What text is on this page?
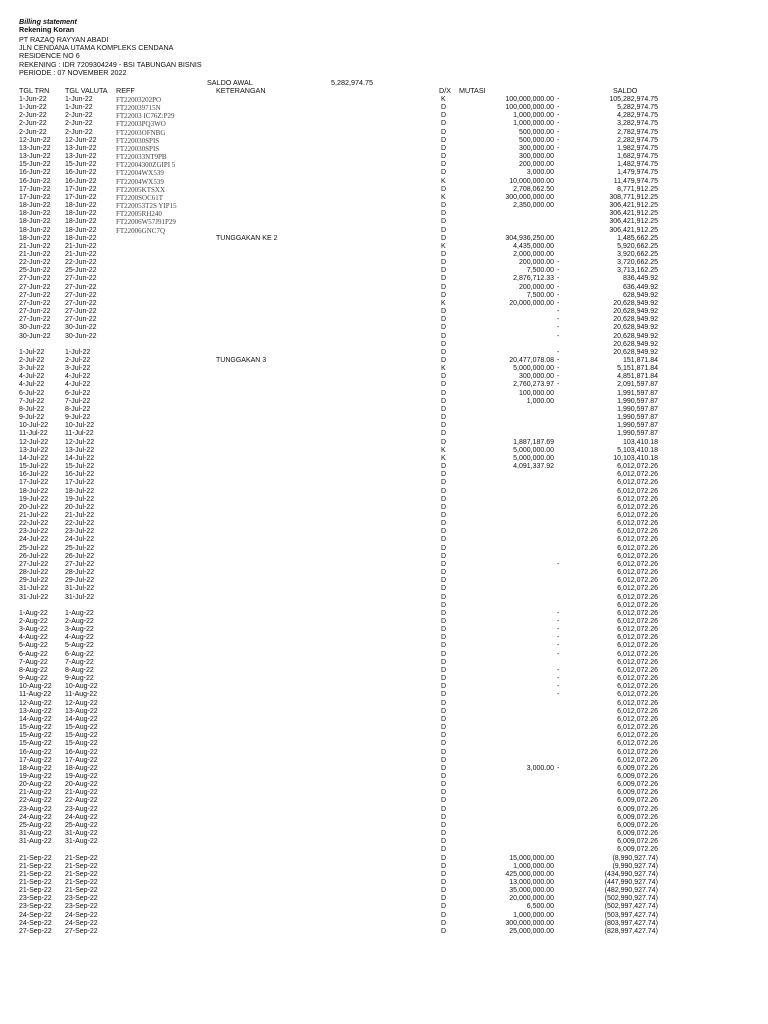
Billing statement
Rekening Koran
PT RAZAQ RAYYAN ABADI
JLN CENDANA UTAMA KOMPLEKS CENDANA
RESIDENCE NO 6
REKENING : IDR 7209304249 - BSI TABUNGAN BISNIS
PERIODE : 07 NOVEMBER 2022
SALDO AWAL	5,282,974.75
TGL TRN TGL VALUTA REFF	KETERANGAN	D/X MUTASI	SALDO
1-Jun-22	1-Jun-22	FT22003202PO	K	100,000,000.00 -	105,282,974.75
1-Jun-22	1-Jun-22	FT220039715N	D	100,000,000.00 -	5,282,974.75
2-Jun-22	2-Jun-22	FT22003 IC76Z:P29	D	1,000,000.00 -	4,282,974.75
2-Jun-22	2-Jun-22	FT22003PQ3WO	D	1,000,000.00 -	3,282,974.75
2-Jun-22	2-Jun-22	FT22003OFNBG	D	500,000.00 -	2,782,974.75
12-Jun-22 12-Jun-22	FT220030SPIS	D	500,000.00 -	2,282,974.75
13-Jun-22 13-Jun-22	FT220030SPIS	D	300,000.00 -	1,982,974.75
13-Jun-22 13-Jun-22	FT220033NT9PB	D	300,000.00	1,682,974.75
15-Jun-22 15-Jun-22	FT22004300ZGIPI 5	D	200,000.00	1,482,974.75
16-Jun-22 16-Jun-22	FT22004WX539	D	3,000.00	1,479,974.75
16-Jun-22 16-Jun-22	FT22004WX539	K	10,000,000.00	11,479,974.75
17-Jun-22 17-Jun-22	FT22005KTSXX	D	2,708,062.50	8,771,912.25
17-Jun-22 17-Jun-22	FT2200SOC61T	K	300,000,000.00	308,771,912.25
18-Jun-22 18-Jun-22	FT220053T2S YIP15	D	2,350,000.00	306,421,912.25
18-Jun-22 18-Jun-22	FT22005RH240	D	306,421,912.25
18-Jun-22 18-Jun-22	FT22006W57J91P29	D	306,421,912.25
18-Jun-22 18-Jun-22	FT22006GNC7Q	D	306,421,912.25
18-Jun-22 18-Jun-22	TUNGGAKAN KE 2	D	304,936,250.00	1,485,662.25
21-Jun-22 21-Jun-22	K	4,435,000.00	5,920,662.25
21-Jun-22 21-Jun-22	D	2,000,000.00	3,920,662.25
22-Jun-22 22-Jun-22	D	200,000.00 -	3,720,662.25
25-Jun-22 25-Jun-22	D	7,500.00 -	3,713,162.25
27-Jun-22 27-Jun-22	D	2,876,712.33 -	836,449.92
27-Jun-22 27-Jun-22	D	200,000.00 -	636,449.92
27-Jun-22 27-Jun-22	D	7,500.00 -	628,949.92
27-Jun-22 27-Jun-22	K	20,000,000.00 -	20,628,949.92
27-Jun-22 27-Jun-22	D	-	20,628,949.92
27-Jun-22 27-Jun-22	D	-	20,628,949.92
30-Jun-22 30-Jun-22	D	-	20,628,949.92
30-Jun-22 30-Jun-22	D	-	20,628,949.92
D	20,628,949.92
1-Jul-22	1-Jul-22	D	-	20,628,949.92
2-Jul-22	2-Jul-22	TUNGGAKAN 3	D	20,477,078.08 -	151,871.84
3-Jul-22	3-Jul-22	K	5,000,000.00 -	5,151,871.84
4-Jul-22	4-Jul-22	D	300,000.00 -	4,851,871.84
4-Jul-22	4-Jul-22	D	2,760,273.97 -	2,091,597.87
6-Jul-22	6-Jul-22	D	100,000.00	1,991,597.87
7-Jul-22	7-Jul-22	D	1,000.00	1,990,597.87
8-Jul-22	8-Jul-22	D	1,990,597.87
9-Jul-22	9-Jul-22	D	1,990,597.87
10-Jul-22 10-Jul-22	D	1,990,597.87
11-Jul-22 11-Jul-22	D	1,990,597.87
12-Jul-22 12-Jul-22	D	1,887,187.69	103,410.18
13-Jul-22 13-Jul-22	K	5,000,000.00	5,103,410.18
14-Jul-22 14-Jul-22	K	5,000,000.00	10,103,410.18
15-Jul-22 15-Jul-22	D	4,091,337.92	6,012,072.26
16-Jul-22 16-Jul-22	D	6,012,072.26
17-Jul-22 17-Jul-22	D	6,012,072.26
18-Jul-22 18-Jul-22	D	6,012,072.26
19-Jul-22 19-Jul-22	D	6,012,072.26
20-Jul-22 20-Jul-22	D	6,012,072.26
21-Jul-22 21-Jul-22	D	6,012,072.26
22-Jul-22 22-Jul-22	D	6,012,072.26
23-Jul-22 23-Jul-22	D	6,012,072.26
24-Jul-22 24-Jul-22	D	6,012,072.26
25-Jul-22 25-Jul-22	D	6,012,072.26
26-Jul-22 26-Jul-22	D	6,012,072.26
27-Jul-22 27-Jul-22	D	-	6,012,072.26
28-Jul-22 28-Jul-22	D	6,012,072.26
29-Jul-22 29-Jul-22	D	6,012,072.26
31-Jul-22 31-Jul-22	D	6,012,072.26
31-Jul-22 31-Jul-22	D	6,012,072.26
D	6,012,072.26
1-Aug-22 1-Aug-22	D	-	6,012,072.26
2-Aug-22 2-Aug-22	D	-	6,012,072.26
3-Aug-22 3-Aug-22	D	-	6,012,072.26
4-Aug-22 4-Aug-22	D	-	6,012,072.26
5-Aug-22 5-Aug-22	D	-	6,012,072.26
6-Aug-22 6-Aug-22	D	-	6,012,072.26
7-Aug-22 7-Aug-22	D	6,012,072.26
8-Aug-22 8-Aug-22	D	-	6,012,072.26
9-Aug-22 9-Aug-22	D	-	6,012,072.26
10-Aug-22 10-Aug-22	D	-	6,012,072.26
11-Aug-22 11-Aug-22	D	-	6,012,072.26
12-Aug-22 12-Aug-22	D	6,012,072.26
13-Aug-22 13-Aug-22	D	6,012,072.26
14-Aug-22 14-Aug-22	D	6,012,072.26
15-Aug-22 15-Aug-22	D	6,012,072.26
15-Aug-22 15-Aug-22	D	6,012,072.26
15-Aug-22 15-Aug-22	D	6,012,072.26
16-Aug-22 16-Aug-22	D	6,012,072.26
17-Aug-22 17-Aug-22	D	6,012,072.26
18-Aug-22 18-Aug-22	D	3,000.00 -	6,009,072.26
19-Aug-22 19-Aug-22	D	6,009,072.26
20-Aug-22 20-Aug-22	D	6,009,072.26
21-Aug-22 21-Aug-22	D	6,009,072.26
22-Aug-22 22-Aug-22	D	6,009,072.26
23-Aug-22 23-Aug-22	D	6,009,072.26
24-Aug-22 24-Aug-22	D	6,009,072.26
25-Aug-22 25-Aug-22	D	6,009,072.26
31-Aug-22 31-Aug-22	D	6,009,072.26
31-Aug-22 31-Aug-22	D	6,009,072.26
D	6,009,072.26
21-Sep-22 21-Sep-22	D	15,000,000.00	(8,990,927.74)
21-Sep-22 21-Sep-22	D	1,000,000.00	(9,990,927.74)
21-Sep-22 21-Sep-22	D	425,000,000.00	(434,990,927.74)
21-Sep-22 21-Sep-22	D	13,000,000.00	(447,990,927.74)
21-Sep-22 21-Sep-22	D	35,000,000.00	(482,990,927.74)
23-Sep-22 23-Sep-22	D	20,000,000.00	(502,990,927.74)
23-Sep-22 23-Sep-22	D	6,500.00	(502,997,427.74)
24-Sep-22 24-Sep-22	D	1,000,000.00	(503,997,427.74)
24-Sep-22 24-Sep-22	D	300,000,000.00	(803,997,427.74)
27-Sep-22 27-Sep-22	D	25,000,000.00	(828,997,427.74)
